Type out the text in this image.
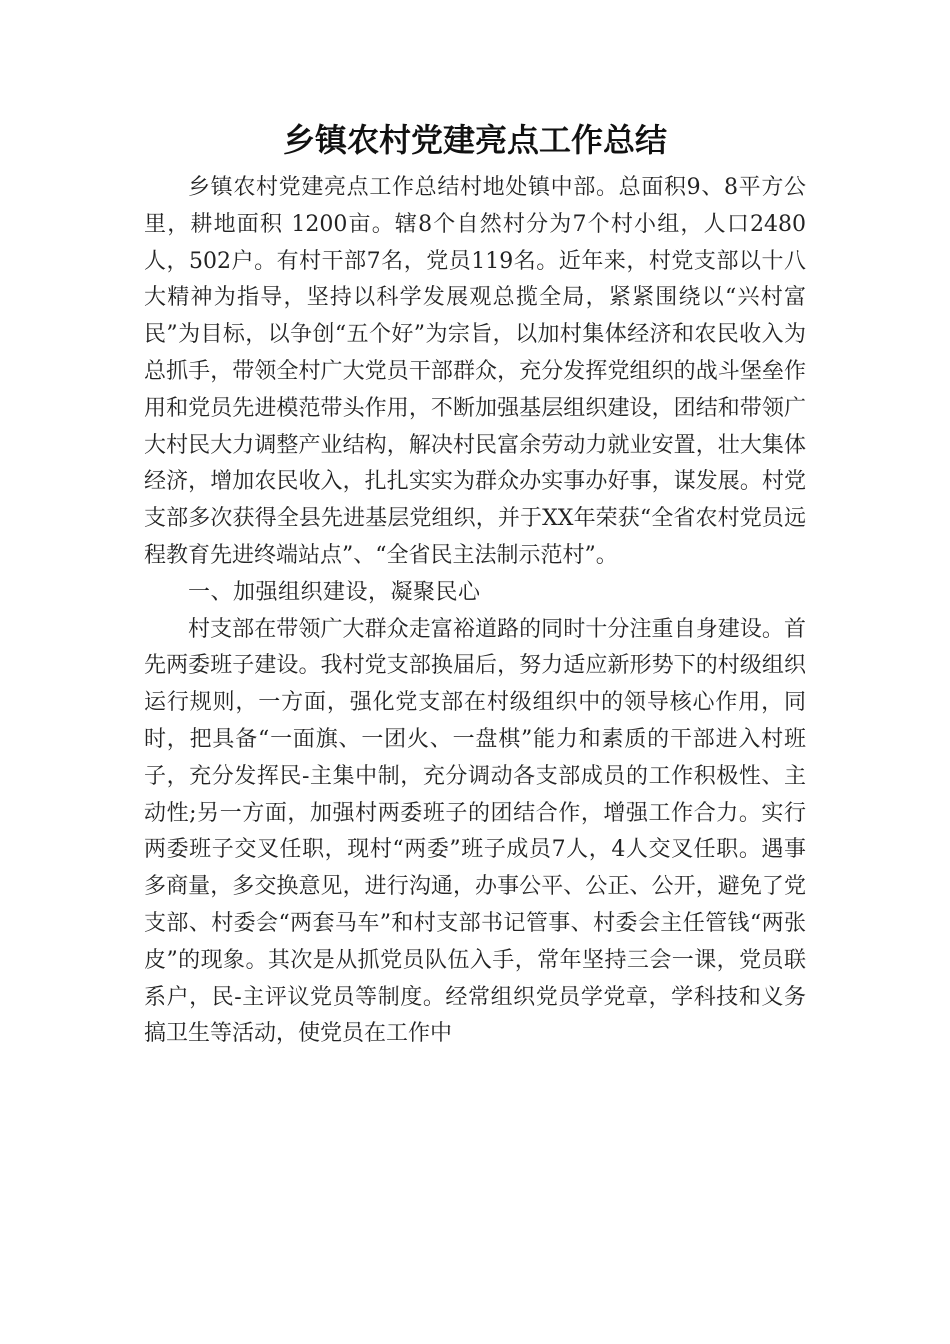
乡镇农村党建亮点工作总结

乡镇农村党建亮点工作总结村地处镇中部。总面积9、8平方公里，耕地面积 1200亩。辖8个自然村分为7个村小组，人口2480人，502户。有村干部7名，党员119名。近年来，村党支部以十八大精神为指导，坚持以科学发展观总揽全局，紧紧围绕以“兴村富民”为目标，以争创“五个好”为宗旨，以加村集体经济和农民收入为总抓手，带领全村广大党员干部群众，充分发挥党组织的战斗堡垒作用和党员先进模范带头作用，不断加强基层组织建设，团结和带领广大村民大力调整产业结构，解决村民富余劳动力就业安置，壮大集体经济，增加农民收入，扎扎实实为群众办实事办好事，谋发展。村党支部多次获得全县先进基层党组织，并于XX年荣获“全省农村党员远程教育先进终端站点”、“全省民主法制示范村”。

一、加强组织建设，凝聚民心

村支部在带领广大群众走富裕道路的同时十分注重自身建设。首先两委班子建设。我村党支部换届后，努力适应新形势下的村级组织运行规则，一方面，强化党支部在村级组织中的领导核心作用，同时，把具备“一面旗、一团火、一盘棋”能力和素质的干部进入村班子，充分发挥民-主集中制，充分调动各支部成员的工作积极性、主动性;另一方面，加强村两委班子的团结合作，增强工作合力。实行两委班子交叉任职，现村“两委”班子成员7人，4人交叉任职。遇事多商量，多交换意见，进行沟通，办事公平、公正、公开，避免了党支部、村委会“两套马车”和村支部书记管事、村委会主任管钱“两张皮”的现象。其次是从抓党员队伍入手，常年坚持三会一课，党员联系户，民-主评议党员等制度。经常组织党员学党章，学科技和义务搞卫生等活动，使党员在工作中
